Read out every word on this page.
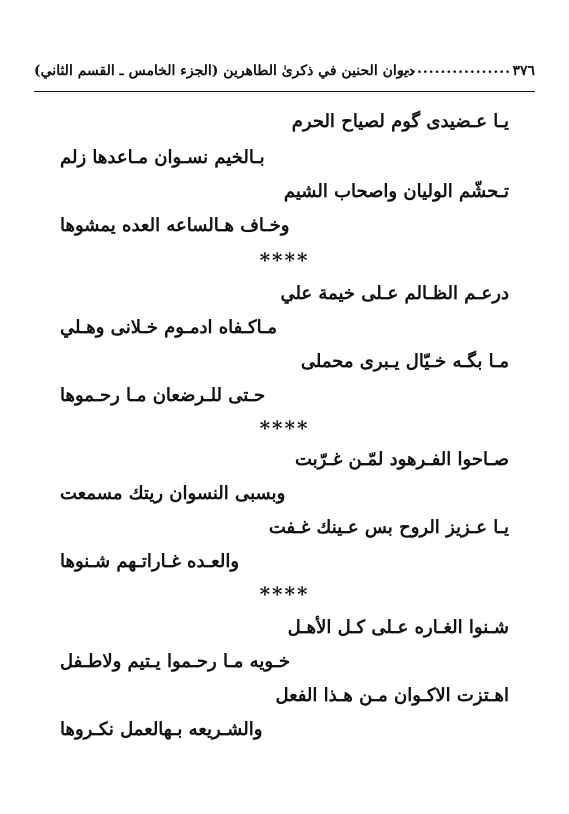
٣٧٦
...................
ديوان الحنين في ذكرىٰ الطاهرين (الجزء الخامس ـ القسم الثاني)
يـا عـضيدى گوم لصياح الحرم
بـالخيم نسـوان مـاعدها زلم
تـحشّم الوليان واصحاب الشيم
وخـاف هـالساعه العده يمشوها
****
درعـم الظـالم عـلى خيمة علي
مـاكـفاه ادمـوم خـلانى وهـلي
مـا بگـه خـيّال يـبرى محملى
حـتى للـرضعان مـا رحـموها
****
صـاحوا الفـرهود لمّـن غـرّبت
وبسبى النسوان ريتك مسمعت
يـا عـزيز الروح بس عـينك غـفت
والعـده غـاراتـهم شـنوها
****
شـنوا الغـاره عـلى كـل الأهـل
خـويه مـا رحـموا يـتيم ولاطـفل
اهـتزت الاكـوان مـن هـذا الفعل
والشـريعه بـهالعمل نكـروها
